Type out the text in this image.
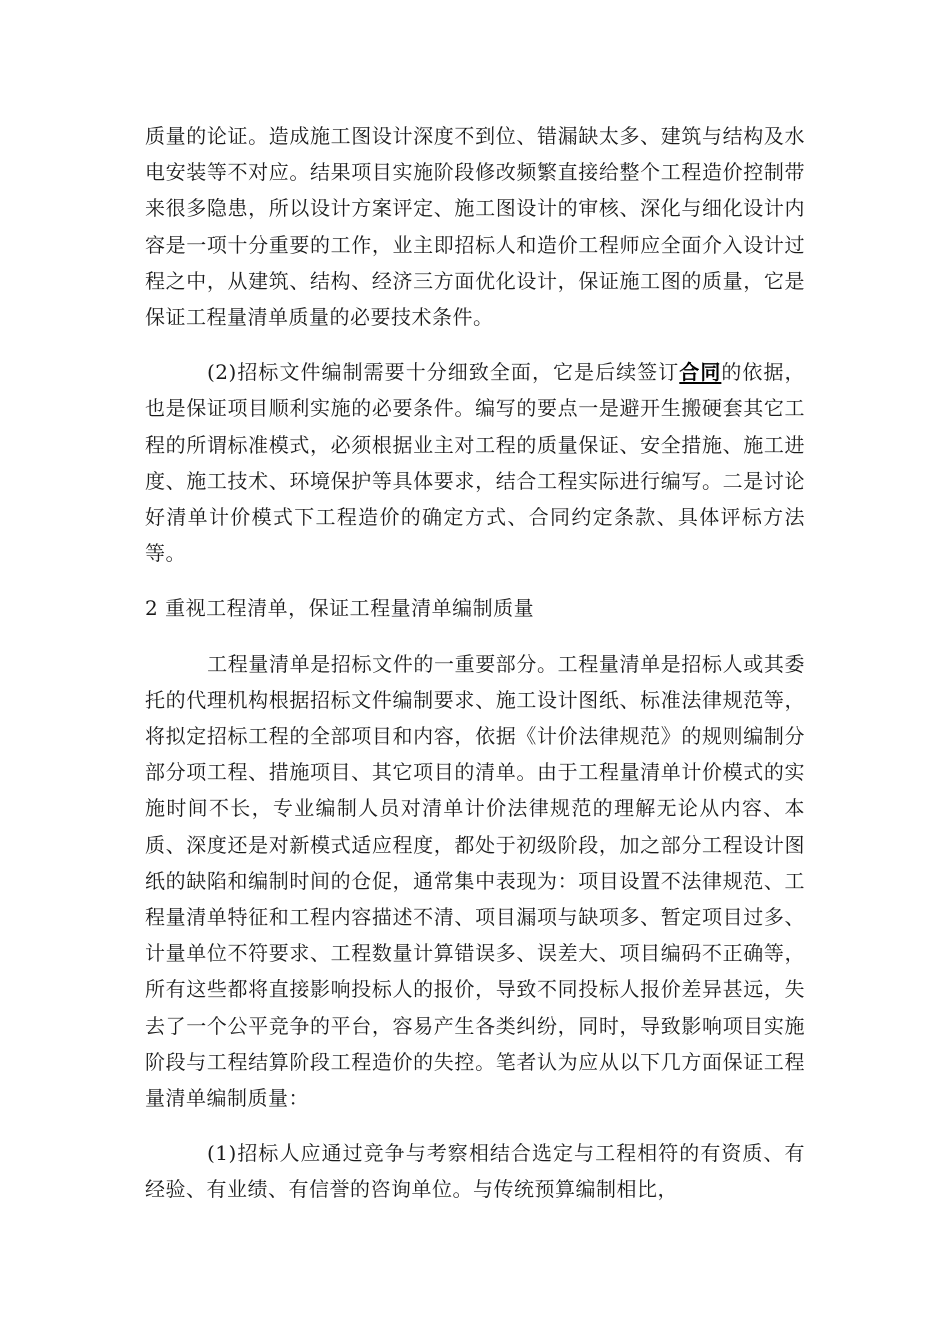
质量的论证。造成施工图设计深度不到位、错漏缺太多、建筑与结构及水电安装等不对应。结果项目实施阶段修改频繁直接给整个工程造价控制带来很多隐患，所以设计方案评定、施工图设计的审核、深化与细化设计内容是一项十分重要的工作，业主即招标人和造价工程师应全面介入设计过程之中，从建筑、结构、经济三方面优化设计，保证施工图的质量，它是保证工程量清单质量的必要技术条件。

(2)招标文件编制需要十分细致全面，它是后续签订合同的依据，也是保证项目顺利实施的必要条件。编写的要点一是避开生搬硬套其它工程的所谓标准模式，必须根据业主对工程的质量保证、安全措施、施工进度、施工技术、环境保护等具体要求，结合工程实际进行编写。二是讨论好清单计价模式下工程造价的确定方式、合同约定条款、具体评标方法等。

2 重视工程清单，保证工程量清单编制质量

工程量清单是招标文件的一重要部分。工程量清单是招标人或其委托的代理机构根据招标文件编制要求、施工设计图纸、标准法律规范等，将拟定招标工程的全部项目和内容，依据《计价法律规范》的规则编制分部分项工程、措施项目、其它项目的清单。由于工程量清单计价模式的实施时间不长，专业编制人员对清单计价法律规范的理解无论从内容、本质、深度还是对新模式适应程度，都处于初级阶段，加之部分工程设计图纸的缺陷和编制时间的仓促，通常集中表现为：项目设置不法律规范、工程量清单特征和工程内容描述不清、项目漏项与缺项多、暂定项目过多、计量单位不符要求、工程数量计算错误多、误差大、项目编码不正确等，所有这些都将直接影响投标人的报价，导致不同投标人报价差异甚远，失去了一个公平竞争的平台，容易产生各类纠纷，同时，导致影响项目实施阶段与工程结算阶段工程造价的失控。笔者认为应从以下几方面保证工程量清单编制质量：

(1)招标人应通过竞争与考察相结合选定与工程相符的有资质、有经验、有业绩、有信誉的咨询单位。与传统预算编制相比，
